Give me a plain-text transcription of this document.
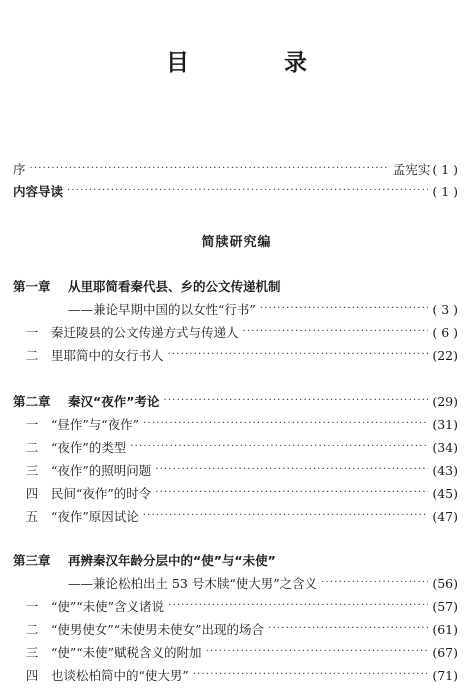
目　录
序 ·····	孟宪实 ( 1 )
内容导读 ·····	( 1 )
简牍研究编
第一章	从里耶简看秦代县、乡的公文传递机制
——兼论早期中国的以女性“行书” ·····	( 3 )
一	秦迁陵县的公文传递方式与传递人 ·····	( 6 )
二	里耶简中的女行书人 ·····	(22)
第二章	秦汉“夜作”考论 ·····	(29)
一	“昼作”与“夜作” ·····	(31)
二	“夜作”的类型 ·····	(34)
三	“夜作”的照明问题 ·····	(43)
四	民间“夜作”的时令 ·····	(45)
五	“夜作”原因试论 ·····	(47)
第三章	再辨秦汉年龄分层中的“使”与“未使”
——兼论松柏出土 53 号木牍“使大男”之含义 ·····	(56)
一	“使”“未使”含义诸说 ·····	(57)
二	“使男使女”“未使男未使女”出现的场合 ·····	(61)
三	“使”“未使”赋税含义的附加 ·····	(67)
四	也谈松柏简中的“使大男” ·····	(71)
